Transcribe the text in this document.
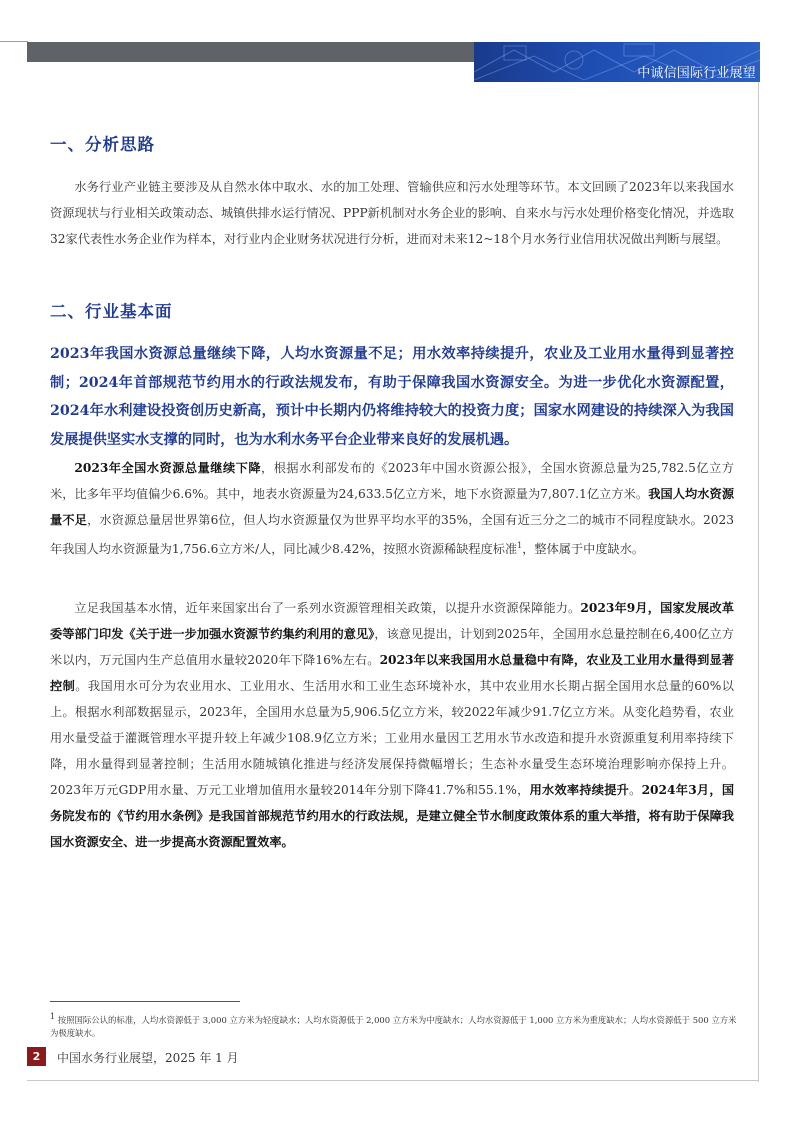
中诚信国际行业展望
一、分析思路
水务行业产业链主要涉及从自然水体中取水、水的加工处理、管输供应和污水处理等环节。本文回顾了2023年以来我国水资源现状与行业相关政策动态、城镇供排水运行情况、PPP新机制对水务企业的影响、自来水与污水处理价格变化情况，并选取32家代表性水务企业作为样本，对行业内企业财务状况进行分析，进而对未来12~18个月水务行业信用状况做出判断与展望。
二、行业基本面
2023年我国水资源总量继续下降，人均水资源量不足；用水效率持续提升，农业及工业用水量得到显著控制；2024年首部规范节约用水的行政法规发布，有助于保障我国水资源安全。为进一步优化水资源配置，2024年水利建设投资创历史新高，预计中长期内仍将维持较大的投资力度；国家水网建设的持续深入为我国发展提供坚实水支撑的同时，也为水利水务平台企业带来良好的发展机遇。
2023年全国水资源总量继续下降，根据水利部发布的《2023年中国水资源公报》，全国水资源总量为25,782.5亿立方米，比多年平均值偏少6.6%。其中，地表水资源量为24,633.5亿立方米，地下水资源量为7,807.1亿立方米。我国人均水资源量不足，水资源总量居世界第6位，但人均水资源量仅为世界平均水平的35%，全国有近三分之二的城市不同程度缺水。2023年我国人均水资源量为1,756.6立方米/人，同比减少8.42%，按照水资源稀缺程度标准$^1$，整体属于中度缺水。
立足我国基本水情，近年来国家出台了一系列水资源管理相关政策，以提升水资源保障能力。2023年9月，国家发展改革委等部门印发《关于进一步加强水资源节约集约利用的意见》，该意见提出，计划到2025年，全国用水总量控制在6,400亿立方米以内，万元国内生产总值用水量较2020年下降16%左右。2023年以来我国用水总量稳中有降，农业及工业用水量得到显著控制。我国用水可分为农业用水、工业用水、生活用水和工业生态环境补水，其中农业用水长期占据全国用水总量的60%以上。根据水利部数据显示，2023年，全国用水总量为5,906.5亿立方米，较2022年减少91.7亿立方米。从变化趋势看，农业用水量受益于灌溉管理水平提升较上年减少108.9亿立方米；工业用水量因工艺用水节水改造和提升水资源重复利用率持续下降，用水量得到显著控制；生活用水随城镇化推进与经济发展保持微幅增长；生态补水量受生态环境治理影响亦保持上升。2023年万元GDP用水量、万元工业增加值用水量较2014年分别下降41.7%和55.1%，用水效率持续提升。2024年3月，国务院发布的《节约用水条例》是我国首部规范节约用水的行政法规，是建立健全节水制度政策体系的重大举措，将有助于保障我国水资源安全、进一步提高水资源配置效率。
$^1$ 按照国际公认的标准，人均水资源低于 3,000 立方米为轻度缺水；人均水资源低于 2,000 立方米为中度缺水；人均水资源低于 1,000 立方米为重度缺水；人均水资源低于 500 立方米为极度缺水。
2	中国水务行业展望，2025 年 1 月
